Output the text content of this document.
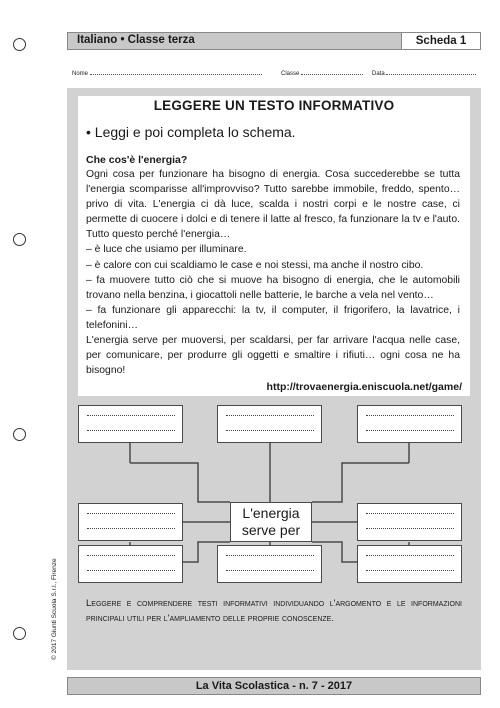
Italiano • Classe terza	Scheda 1
Nome	Classe	Data
LEGGERE UN TESTO INFORMATIVO
• Leggi e poi completa lo schema.
Che cos'è l'energia?

Ogni cosa per funzionare ha bisogno di energia. Cosa succederebbe se tutta l'energia scomparisse all'improvviso? Tutto sarebbe immobile, freddo, spento… privo di vita. L'energia ci dà luce, scalda i nostri corpi e le nostre case, ci permette di cuocere i dolci e di tenere il latte al fresco, fa funzionare la tv e l'auto. Tutto questo perché l'energia…

– è luce che usiamo per illuminare.

– è calore con cui scaldiamo le case e noi stessi, ma anche il nostro cibo.

– fa muovere tutto ciò che si muove ha bisogno di energia, che le automobili trovano nella benzina, i giocattoli nelle batterie, le barche a vela nel vento…

– fa funzionare gli apparecchi: la tv, il computer, il frigorifero, la lavatrice, i telefonini…

L'energia serve per muoversi, per scaldarsi, per far arrivare l'acqua nelle case, per comunicare, per produrre gli oggetti e smaltire i rifiuti… ogni cosa ne ha bisogno!

http://trovaenergia.eniscuola.net/game/
L'energia serve per
Leggere e comprendere testi informativi individuando l'argomento e le informazioni principali utili per l'ampliamento delle proprie conoscenze.
La Vita Scolastica - n. 7 - 2017
© 2017 Giunti Scuola S.r.l., Firenze
